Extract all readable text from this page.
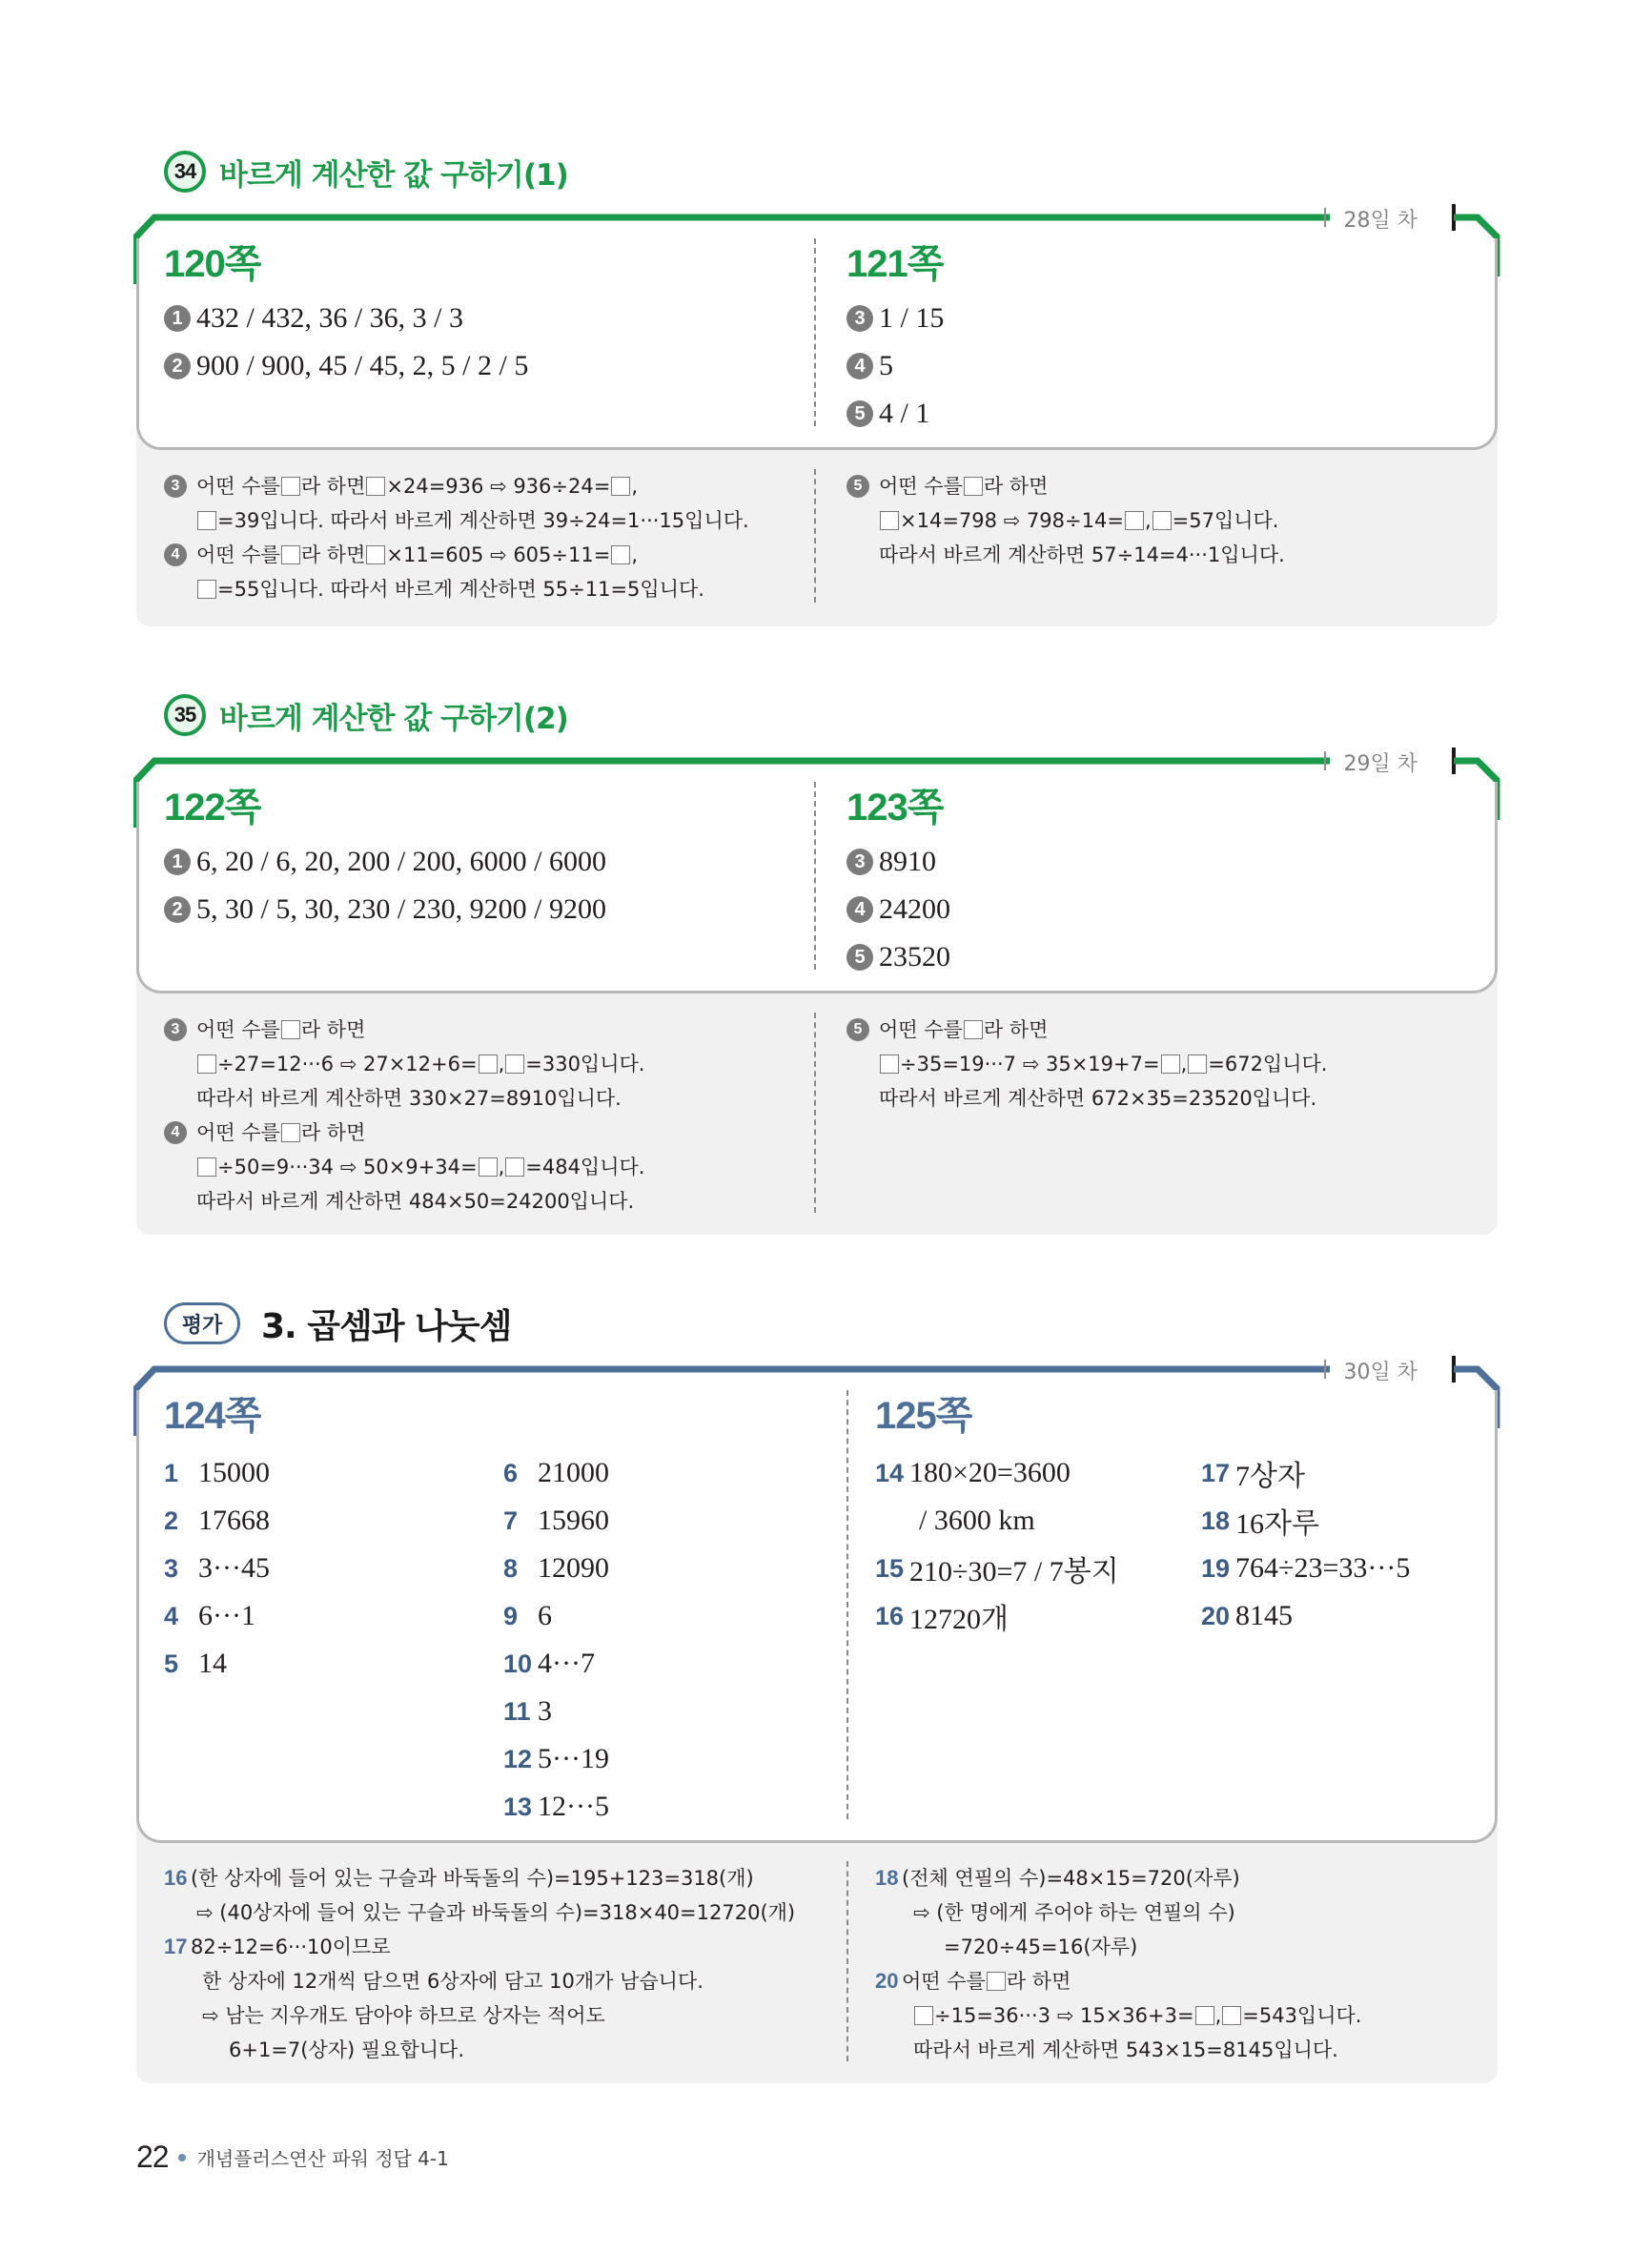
34 바르게 계산한 값 구하기(1)
28일 차
120쪽	121쪽
1 432 / 432, 36 / 36, 3 / 3
2 900 / 900, 45 / 45, 2, 5 / 2 / 5
3 1 / 15
4 5
5 4 / 1
3 어떤 수를 라 하면 ×24=936 ⇨ 936÷24= ,
=39입니다. 따라서 바르게 계산하면 39÷24=1···15입니다.
4 어떤 수를 라 하면 ×11=605 ⇨ 605÷11= ,
=55입니다. 따라서 바르게 계산하면 55÷11=5입니다.
5 어떤 수를 라 하면
×14=798 ⇨ 798÷14= , =57입니다.
따라서 바르게 계산하면 57÷14=4···1입니다.
35 바르게 계산한 값 구하기(2)
29일 차
122쪽	123쪽
1 6, 20 / 6, 20, 200 / 200, 6000 / 6000
2 5, 30 / 5, 30, 230 / 230, 9200 / 9200
3 8910
4 24200
5 23520
3 어떤 수를 라 하면
÷27=12···6 ⇨ 27×12+6= , =330입니다.
따라서 바르게 계산하면 330×27=8910입니다.
4 어떤 수를 라 하면
÷50=9···34 ⇨ 50×9+34= , =484입니다.
따라서 바르게 계산하면 484×50=24200입니다.
5 어떤 수를 라 하면
÷35=19···7 ⇨ 35×19+7= , =672입니다.
따라서 바르게 계산하면 672×35=23520입니다.
평가	3. 곱셈과 나눗셈
30일 차
124쪽	125쪽
1 15000
2 17668
3 3···45
4 6···1
5 14
6 21000
7 15960
8 12090
9 6
10 4···7
11 3
12 5···19
13 12···5
14 180×20=3600
/ 3600 km
15 210÷30=7 / 7봉지
16 12720개
17 7상자
18 16자루
19 764÷23=33···5
20 8145
16 (한 상자에 들어 있는 구슬과 바둑돌의 수)=195+123=318(개)
⇨ (40상자에 들어 있는 구슬과 바둑돌의 수)=318×40=12720(개)
17 82÷12=6···10이므로
한 상자에 12개씩 담으면 6상자에 담고 10개가 남습니다.
⇨ 남는 지우개도 담아야 하므로 상자는 적어도
6+1=7(상자) 필요합니다.
18 (전체 연필의 수)=48×15=720(자루)
⇨ (한 명에게 주어야 하는 연필의 수)
=720÷45=16(자루)
20 어떤 수를 라 하면
÷15=36···3 ⇨ 15×36+3= , =543입니다.
따라서 바르게 계산하면 543×15=8145입니다.
22 개념플러스연산 파워 정답 4-1
